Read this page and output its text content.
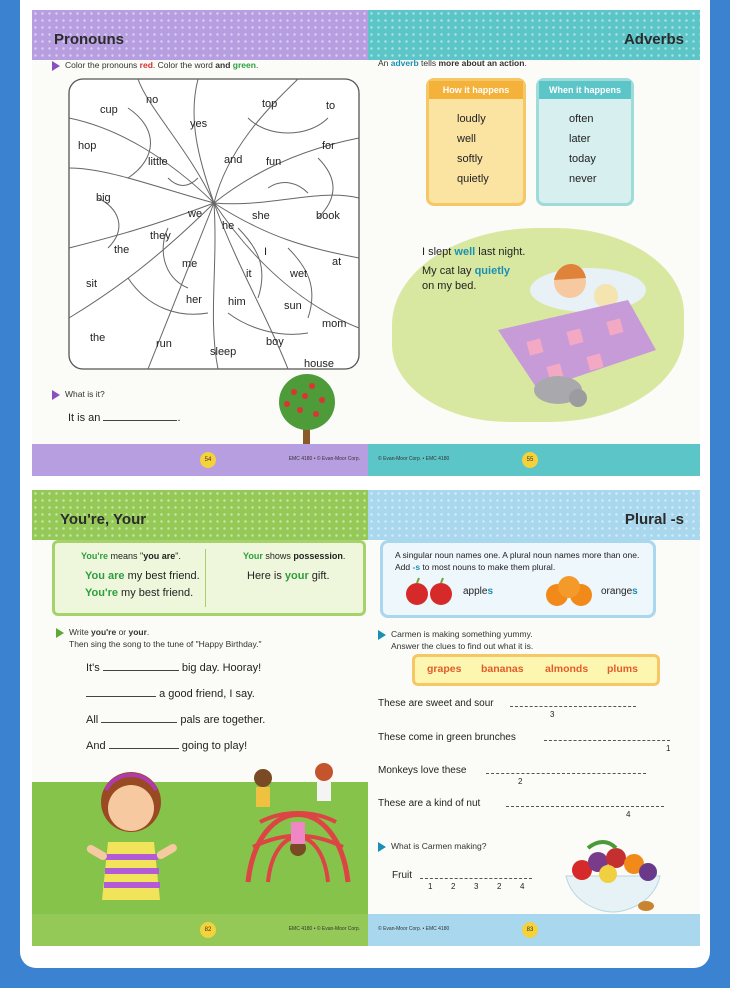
Pronouns
Color the pronouns red. Color the word and green.
no
cup	top	to
yes
hop	for
little	and fun
big
we	she	book
he
they
the	I
at
me
it	wet
sit
her him	sun
mom
run	boy
the
sleep
house
What is it?
It is an	.
54	EMC 4180 • © Evan-Moor Corp.
Adverbs
An adverb tells more about an action.
How it happens
loudly
well
softly
quietly
When it happens
often
later
today
never
I slept well last night.
My cat lay quietly
on my bed.
© Evan-Moor Corp. • EMC 4180	55
You're, Your
You're means "you are".
You are my best friend.
You're my best friend.
Your shows possession.
Here is your gift.
Write you're or your.
Then sing the song to the tune of "Happy Birthday."
It's	big day. Hooray!
a good friend, I say.
All	pals are together.
And	going to play!
82	EMC 4180 • © Evan-Moor Corp.
Plural -s
A singular noun names one. A plural noun names more than one.
Add -s to most nouns to make them plural.
apples	oranges
Carmen is making something yummy.
Answer the clues to find out what it is.
grapes bananas almonds plums
These are sweet and sour
3
These come in green brunches
1
Monkeys love these
2
These are a kind of nut
4
What is Carmen making?
Fruit
1 2 3 2 4
© Evan-Moor Corp. • EMC 4180	83
